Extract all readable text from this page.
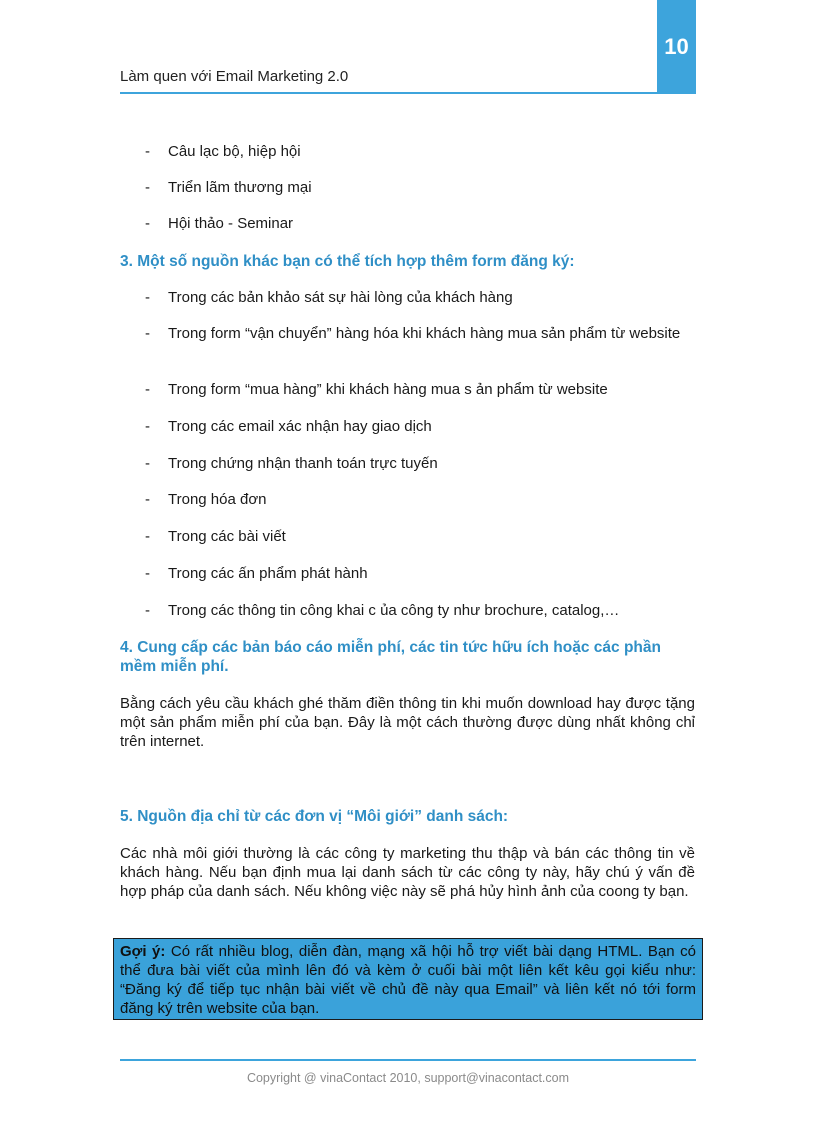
10
Làm quen với Email Marketing 2.0
- Câu lạc bộ, hiệp hội
- Triển lãm thương mại
- Hội thảo - Seminar
3. Một số nguồn khác bạn có thể tích hợp thêm form đăng ký:
- Trong các bản khảo sát sự hài lòng của khách hàng
- Trong form “vận chuyển” hàng hóa khi khách hàng mua sản phẩm từ website
- Trong form “mua hàng” khi khách hàng mua s ản phẩm từ website
- Trong các email xác nhận hay giao dịch
- Trong chứng nhận thanh toán trực tuyến
- Trong hóa đơn
- Trong các bài viết
- Trong các ấn phẩm phát hành
- Trong các thông tin công khai c ủa công ty như brochure, catalog,…
4. Cung cấp các bản báo cáo miễn phí, các tin tức hữu ích hoặc các phần mềm miễn phí.
Bằng cách yêu cầu khách ghé thăm điền thông tin khi muốn download hay được tặng một sản phẩm miễn phí của bạn. Đây là một cách thường được dùng nhất không chỉ trên internet.
5. Nguồn địa chỉ từ các đơn vị “Môi giới” danh sách:
Các nhà môi giới thường là các công ty marketing thu thập và bán các thông tin về khách hàng. Nếu bạn định mua lại danh sách từ các công ty này, hãy chú ý vấn đề hợp pháp của danh sách. Nếu không việc này sẽ phá hủy hình ảnh của coong ty bạn.
Gợi ý: Có rất nhiều blog, diễn đàn, mạng xã hội hỗ trợ viết bài dạng HTML. Bạn có thể đưa bài viết của mình lên đó và kèm ở cuối bài một liên kết kêu gọi kiểu như: “Đăng ký để tiếp tục nhận bài viết về chủ đề này qua Email” và liên kết nó tới form đăng ký trên website của bạn.
Copyright @ vinaContact 2010, support@vinacontact.com
